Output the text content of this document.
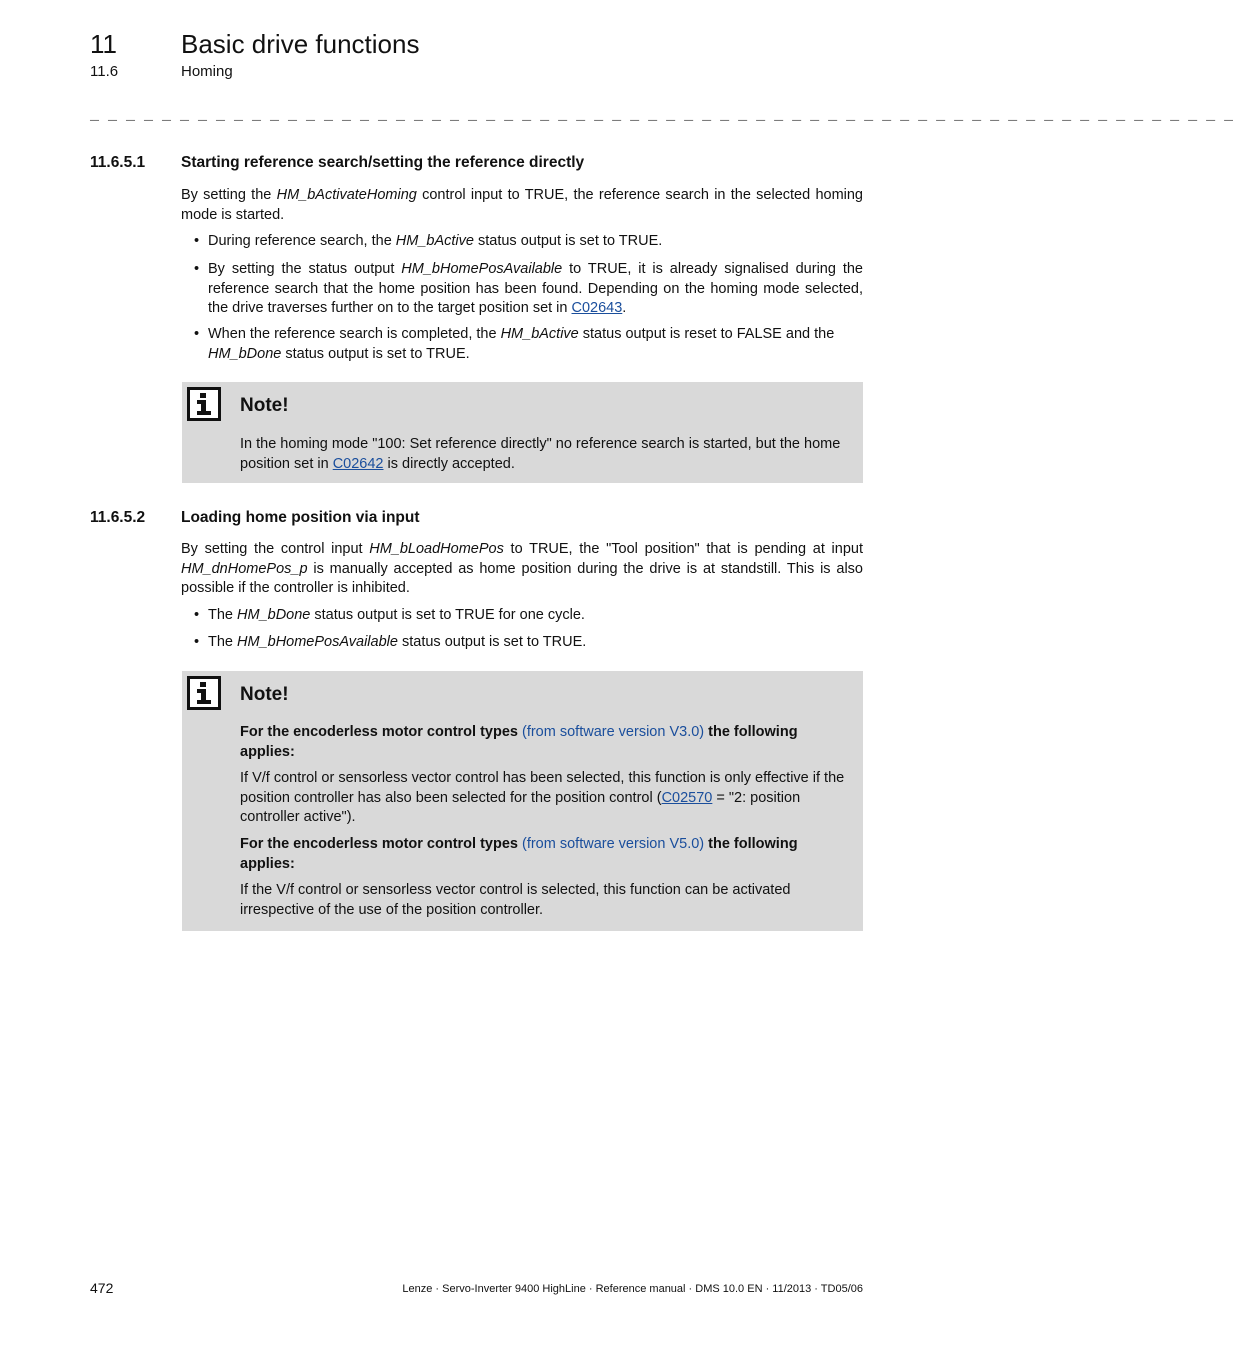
11 Basic drive functions
11.6	Homing
_ _ _ _ _ _ _ _ _ _ _ _ _ _ _ _ _ _ _ _ _ _ _ _ _ _ _ _ _ _ _ _ _ _ _ _ _ _ _ _ _ _ _ _ _ _ _ _ _ _ _ _ _ _ _ _ _ _ _ _ _ _ _ _
11.6.5.1 Starting reference search/setting the reference directly

By setting the HM_bActivateHoming control input to TRUE, the reference search in the selected homing mode is started.

• During reference search, the HM_bActive status output is set to TRUE.
• By setting the status output HM_bHomePosAvailable to TRUE, it is already signalised during the reference search that the home position has been found. Depending on the homing mode selected, the drive traverses further on to the target position set in C02643.
• When the reference search is completed, the HM_bActive status output is reset to FALSE and the HM_bDone status output is set to TRUE.
Note!

In the homing mode "100: Set reference directly" no reference search is started, but the home position set in C02642 is directly accepted.

11.6.5.2 Loading home position via input

By setting the control input HM_bLoadHomePos to TRUE, the "Tool position" that is pending at input HM_dnHomePos_p is manually accepted as home position during the drive is at standstill. This is also possible if the controller is inhibited.

• The HM_bDone status output is set to TRUE for one cycle.
• The HM_bHomePosAvailable status output is set to TRUE.
Note!

For the encoderless motor control types (from software version V3.0) the following applies:

If V/f control or sensorless vector control has been selected, this function is only effective if the position controller has also been selected for the position control (C02570 = "2: position controller active").

For the encoderless motor control types (from software version V5.0) the following applies:

If the V/f control or sensorless vector control is selected, this function can be activated irrespective of the use of the position controller.

472	Lenze · Servo-Inverter 9400 HighLine · Reference manual · DMS 10.0 EN · 11/2013 · TD05/06
